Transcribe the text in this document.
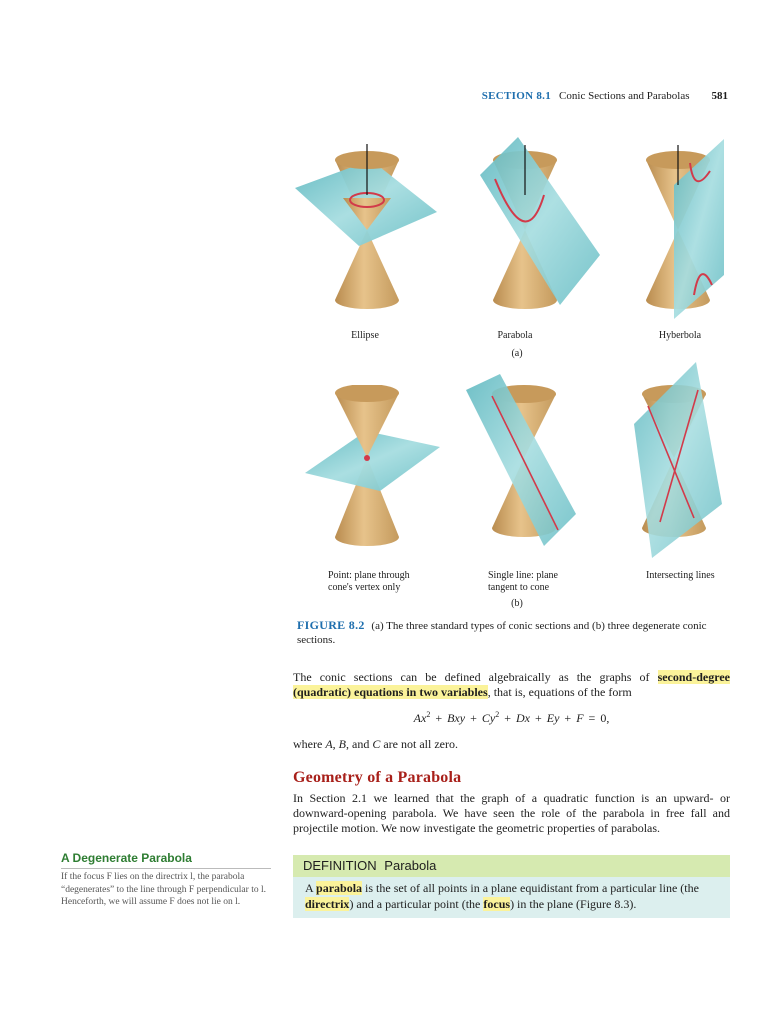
SECTION 8.1 Conic Sections and Parabolas 581
Ellipse	Parabola	Hyberbola
(a)
Point: plane through
cone's vertex only
Single line: plane
tangent to cone
Intersecting lines
(b)
FIGURE 8.2 (a) The three standard types of conic sections and (b) three degenerate conic sections.
The conic sections can be defined algebraically as the graphs of second-degree (quadratic) equations in two variables, that is, equations of the form
$Ax^2$ + Bxy + $Cy^2 + Dx + Ey + F = 0$,
where A, B, and C are not all zero.
Geometry of a Parabola
In Section 2.1 we learned that the graph of a quadratic function is an upward- or downward-opening parabola. We have seen the role of the parabola in free fall and projectile motion. We now investigate the geometric properties of parabolas.
DEFINITION Parabola
A parabola is the set of all points in a plane equidistant from a particular line (the directrix) and a particular point (the focus) in the plane (Figure 8.3).
A Degenerate Parabola
If the focus F lies on the directrix l, the parabola “degenerates” to the line through F perpendicular to l. Henceforth, we will assume F does not lie on l.
